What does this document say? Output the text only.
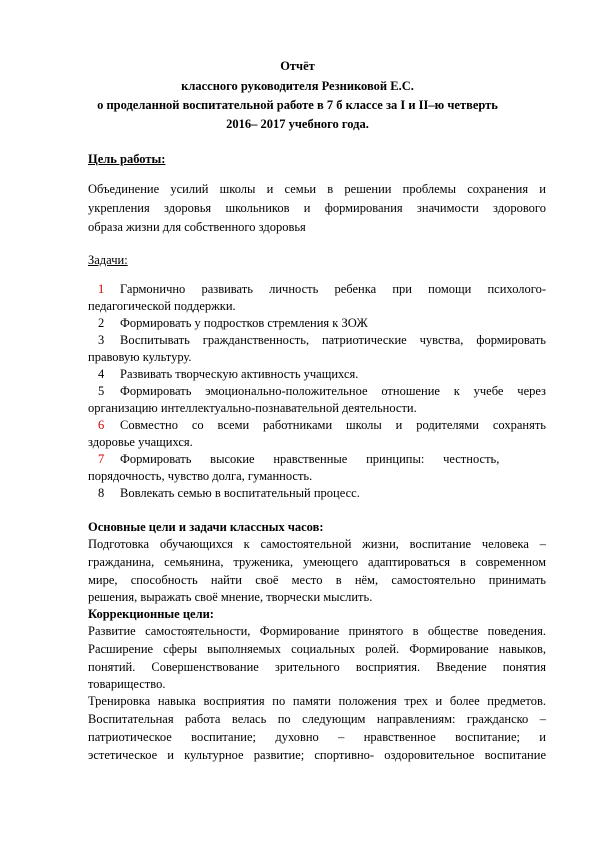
Отчёт
классного руководителя Резниковой Е.С.
о проделанной воспитательной работе в 7 б классе за I и II–ю четверть
2016– 2017 учебного года.
Цель работы:
Объединение усилий школы и семьи в решении проблемы сохранения и
укрепления здоровья школьников и формирования значимости здорового
образа жизни для собственного здоровья
Задачи:
1 Гармонично развивать личность ребенка при помощи психолого-
педагогической поддержки.
2 Формировать у подростков стремления к ЗОЖ
3 Воспитывать гражданственность, патриотические чувства, формировать
правовую культуру.
4 Развивать творческую активность учащихся.
5 Формировать эмоционально-положительное отношение к учебе через
организацию интеллектуально-познавательной деятельности.
6 Совместно со всеми работниками школы и родителями сохранять
здоровье учащихся.
7 Формировать      высокие      нравственные      принципы:      честность,
порядочность, чувство долга, гуманность.
8 Вовлекать семью в воспитательный процесс.
Основные цели и задачи классных часов:
Подготовка обучающихся к самостоятельной жизни, воспитание человека –
гражданина, семьянина, труженика, умеющего адаптироваться в современном
мире, способность найти своё место в нём, самостоятельно принимать
решения, выражать своё мнение, творчески мыслить.
Коррекционные цели:
Развитие самостоятельности, Формирование принятого в обществе поведения.
Расширение сферы выполняемых социальных ролей. Формирование навыков,
понятий. Совершенствование зрительного восприятия. Введение понятия
товарищество.
Тренировка навыка восприятия по памяти положения трех и более предметов.
Воспитательная работа велась по следующим направлениям: гражданско –
патриотическое воспитание; духовно – нравственное воспитание; и
эстетическое и культурное развитие; спортивно- оздоровительное воспитание
